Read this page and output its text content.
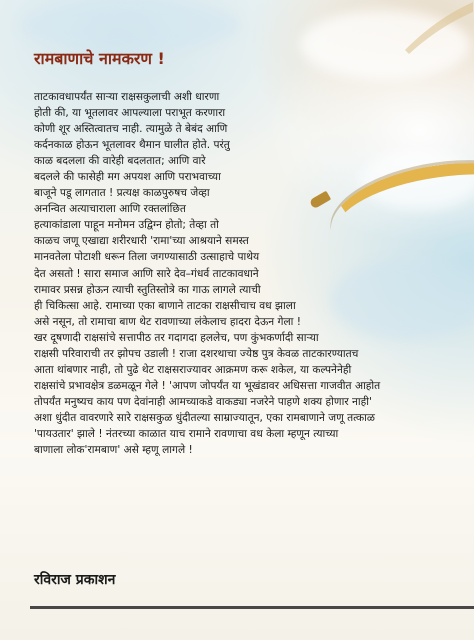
रामबाणाचे नामकरण !
ताटकावधापर्यंत साऱ्या राक्षसकुलाची अशी धारणा
होती की, या भूतलावर आपल्याला पराभूत करणारा
कोणी शूर अस्तित्वातच नाही. त्यामुळे ते बेबंद आणि
कर्दनकाळ होऊन भूतलावर थैमान घालीत होते. परंतु
काळ बदलला की वारेही बदलतात; आणि वारे
बदलले की फासेही मग अपयश आणि पराभवाच्या
बाजूने पडू लागतात ! प्रत्यक्ष काळपुरुषच जेव्हा
अनन्वित अत्याचाराला आणि रक्तलांछित
हत्याकांडाला पाहून मनोमन उद्विग्न होतो; तेव्हा तो
काळच जणू एखाद्या शरीरधारी 'रामा'च्या आश्रयाने समस्त
मानवतेला पोटाशी धरून तिला जगण्यासाठी उत्साहाचे पाथेय
देत असतो ! सारा समाज आणि सारे देव–गंधर्व ताटकावधाने
रामावर प्रसन्न होऊन त्याची स्तुतिस्तोत्रे का गाऊ लागले त्याची
ही चिकित्सा आहे. रामाच्या एका बाणाने ताटका राक्षसीचाच वध झाला
असे नसून, तो रामाचा बाण थेट रावणाच्या लंकेलाच हादरा देऊन गेला !
खर दूषणादी राक्षसांचे सत्तापीठ तर गदागदा हलले‌च, पण कुंभकर्णादी साऱ्या
राक्षसी परिवाराची तर झोपच उडाली ! राजा दशरथाचा ज्येष्ठ पुत्र केवळ ताटकारण्यातच
आता थांबणार नाही, तो पुढे थेट राक्षसराज्यावर आक्रमण करू शकेल, या कल्पनेनेही
राक्षसांचे प्रभावक्षेत्र डळमळून गेले ! 'आपण जोपर्यंत या भूखंडावर अधिसत्ता गाजवीत आहोत
तोपर्यंत मनुष्यच काय पण देवांनाही आमच्याकडे वाकड्या नजरेने पाहणे शक्य होणार नाही'
अशा धुंदीत वावरणारे सारे राक्षसकुळ धुंदीतल्या साम्राज्यातून, एका रामबाणाने जणू तत्काळ
'पायउतार' झाले ! नंतरच्या काळात याच रामाने रावणाचा वध केला म्हणून त्याच्या
बाणाला लोक'रामबाण' असे म्हणू लागले !

रविराज प्रकाशन
